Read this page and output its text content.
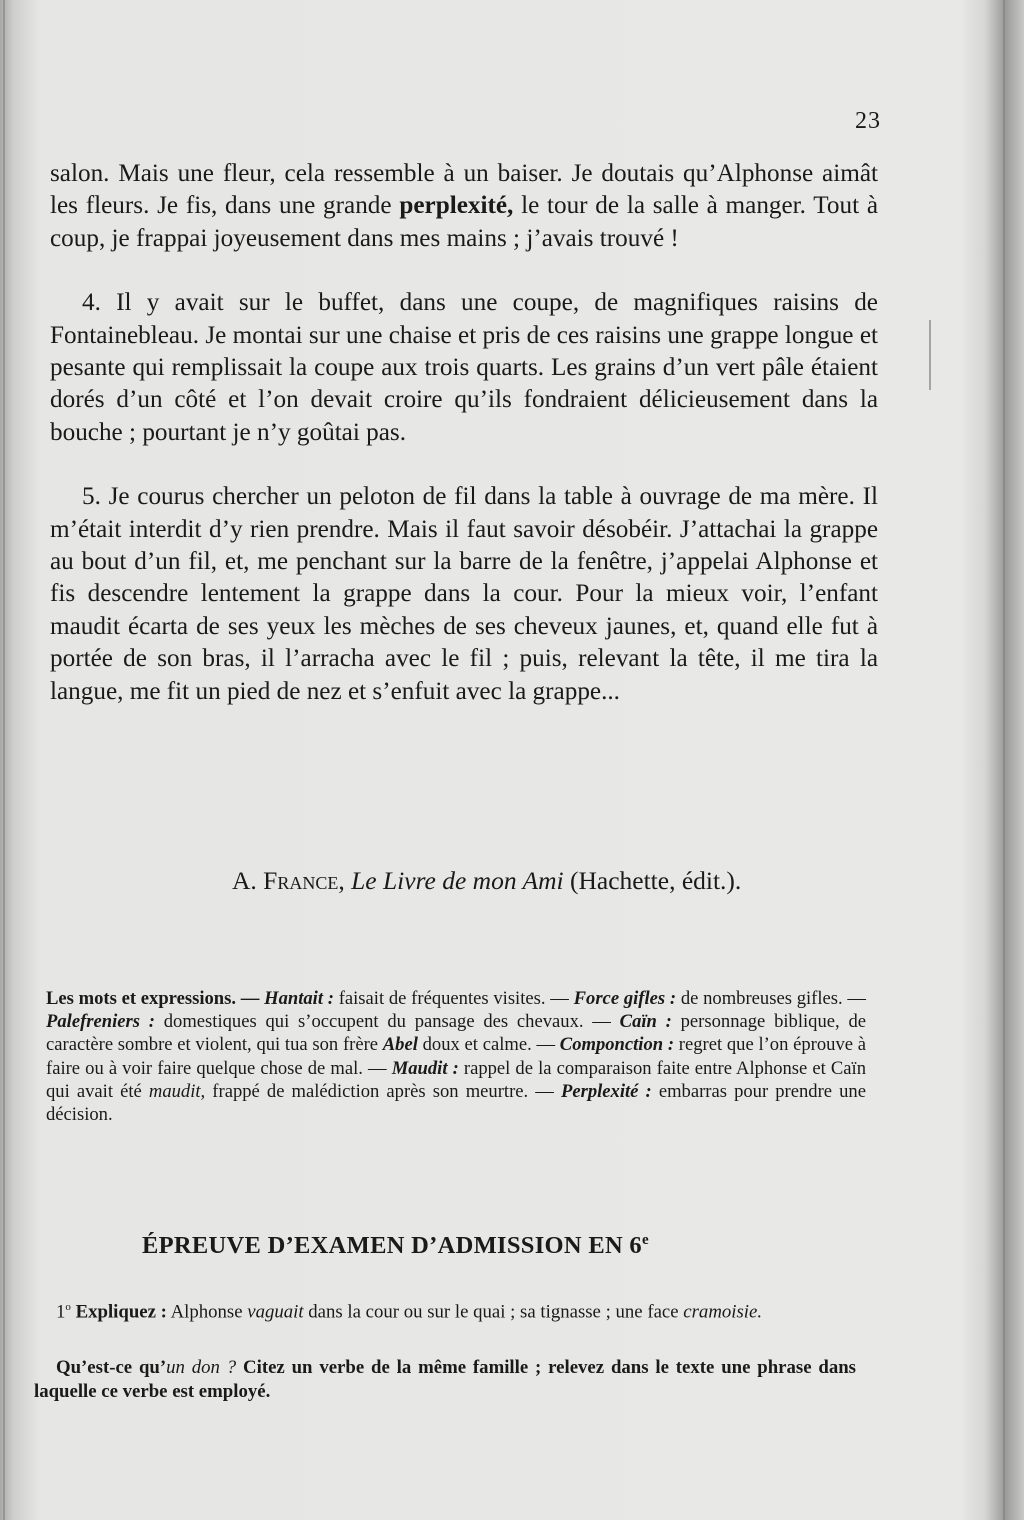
23

salon. Mais une fleur, cela ressemble à un baiser. Je doutais qu’Alphonse aimât les fleurs. Je fis, dans une grande perplexité, le tour de la salle à manger. Tout à coup, je frappai joyeusement dans mes mains ; j’avais trouvé !

4. Il y avait sur le buffet, dans une coupe, de magnifiques raisins de Fontainebleau. Je montai sur une chaise et pris de ces raisins une grappe longue et pesante qui remplissait la coupe aux trois quarts. Les grains d’un vert pâle étaient dorés d’un côté et l’on devait croire qu’ils fondraient délicieusement dans la bouche ; pourtant je n’y goûtai pas.

5. Je courus chercher un peloton de fil dans la table à ouvrage de ma mère. Il m’était interdit d’y rien prendre. Mais il faut savoir désobéir. J’attachai la grappe au bout d’un fil, et, me penchant sur la barre de la fenêtre, j’appelai Alphonse et fis descendre lentement la grappe dans la cour. Pour la mieux voir, l’enfant maudit écarta de ses yeux les mèches de ses cheveux jaunes, et, quand elle fut à portée de son bras, il l’arracha avec le fil ; puis, relevant la tête, il me tira la langue, me fit un pied de nez et s’enfuit avec la grappe...

A. France, Le Livre de mon Ami (Hachette, édit.).
Les mots et expressions. — Hantait : faisait de fréquentes visites. — Force gifles : de nombreuses gifles. — Palefreniers : domestiques qui s’occupent du pansage des chevaux. — Caïn : personnage biblique, de caractère sombre et violent, qui tua son frère Abel doux et calme. — Componction : regret que l’on éprouve à faire ou à voir faire quelque chose de mal. — Maudit : rappel de la comparaison faite entre Alphonse et Caïn qui avait été maudit, frappé de malédiction après son meurtre. — Perplexité : embarras pour prendre une décision.
ÉPREUVE D’EXAMEN D’ADMISSION EN 6e
1$^o$ Expliquez : Alphonse vaguait dans la cour ou sur le quai ; sa tignasse ; une face cramoisie.
Qu’est-ce qu’un don ? Citez un verbe de la même famille ; relevez dans le texte une phrase dans laquelle ce verbe est employé.
